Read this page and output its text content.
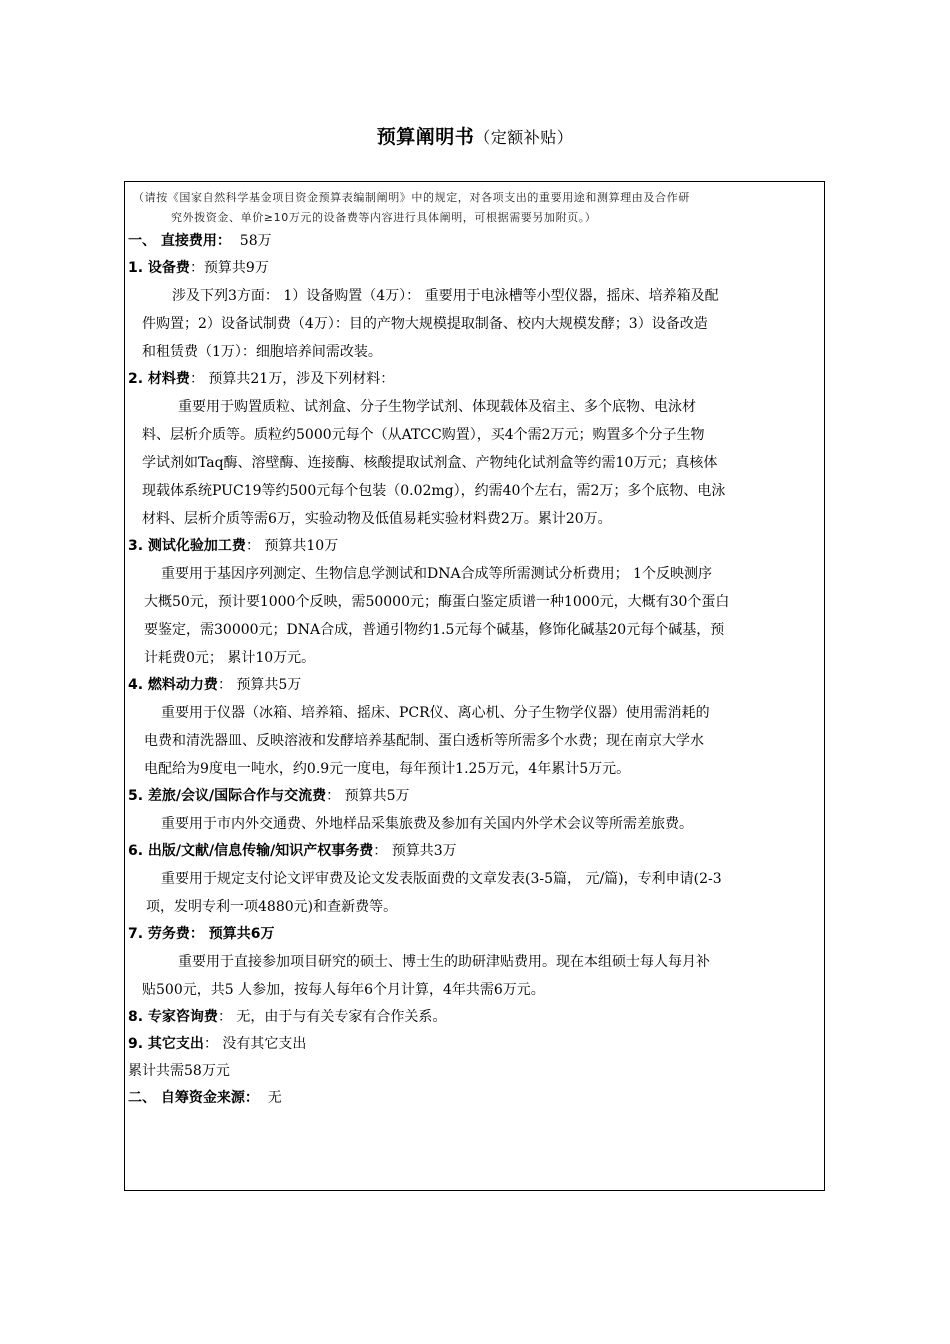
预算阐明书（定额补贴）
（请按《国家自然科学基金项目资金预算表编制阐明》中的规定，对各项支出的重要用途和测算理由及合作研
究外拨资金、单价≥10万元的设备费等内容进行具体阐明，可根据需要另加附页。）
一、 直接费用： 58万
1. 设备费：预算共9万
涉及下列3方面： 1）设备购置（4万）： 重要用于电泳槽等小型仪器，摇床、培养箱及配
件购置；2）设备试制费（4万）：目的产物大规模提取制备、校内大规模发酵；3）设备改造
和租赁费（1万）：细胞培养间需改装。
2. 材料费： 预算共21万，涉及下列材料：
重要用于购置质粒、试剂盒、分子生物学试剂、体现载体及宿主、多个底物、电泳材
料、层析介质等。质粒约5000元每个（从ATCC购置），买4个需2万元；购置多个分子生物
学试剂如Taq酶、溶壁酶、连接酶、核酸提取试剂盒、产物纯化试剂盒等约需10万元；真核体
现载体系统PUC19等约500元每个包装（0.02mg），约需40个左右，需2万；多个底物、电泳
材料、层析介质等需6万，实验动物及低值易耗实验材料费2万。累计20万。
3. 测试化验加工费： 预算共10万
重要用于基因序列测定、生物信息学测试和DNA合成等所需测试分析费用； 1个反映测序
大概50元，预计要1000个反映，需50000元；酶蛋白鉴定质谱一种1000元，大概有30个蛋白
要鉴定，需30000元；DNA合成，普通引物约1.5元每个碱基，修饰化碱基20元每个碱基，预
计耗费0元； 累计10万元。
4. 燃料动力费： 预算共5万
重要用于仪器（冰箱、培养箱、摇床、PCR仪、离心机、分子生物学仪器）使用需消耗的
电费和清洗器皿、反映溶液和发酵培养基配制、蛋白透析等所需多个水费；现在南京大学水
电配给为9度电一吨水，约0.9元一度电，每年预计1.25万元，4年累计5万元。
5. 差旅/会议/国际合作与交流费： 预算共5万
重要用于市内外交通费、外地样品采集旅费及参加有关国内外学术会议等所需差旅费。
6. 出版/文献/信息传输/知识产权事务费： 预算共3万
重要用于规定支付论文评审费及论文发表版面费的文章发表(3-5篇， 元/篇)，专利申请(2-3
项，发明专利一项4880元)和查新费等。
7. 劳务费： 预算共6万
重要用于直接参加项目研究的硕士、博士生的助研津贴费用。现在本组硕士每人每月补
贴500元，共5 人参加，按每人每年6个月计算，4年共需6万元。
8. 专家咨询费： 无，由于与有关专家有合作关系。
9. 其它支出： 没有其它支出
累计共需58万元
二、 自筹资金来源： 无
